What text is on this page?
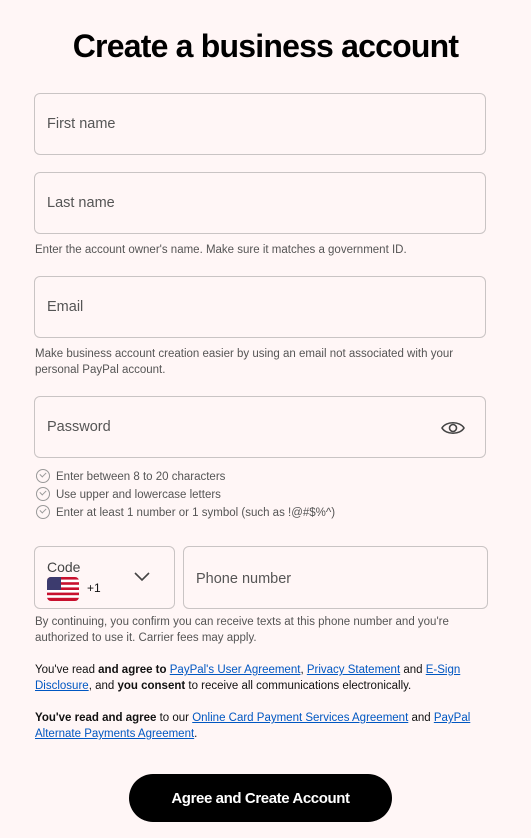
Create a business account
First name
Last name
Enter the account owner's name. Make sure it matches a government ID.
Email
Make business account creation easier by using an email not associated with your personal PayPal account.
Password
Enter between 8 to 20 characters
Use upper and lowercase letters
Enter at least 1 number or 1 symbol (such as !@#$%^)
Code
+1
Phone number
By continuing, you confirm you can receive texts at this phone number and you're authorized to use it. Carrier fees may apply.
You've read and agree to PayPal's User Agreement, Privacy Statement and E-Sign Disclosure, and you consent to receive all communications electronically.
You've read and agree to our Online Card Payment Services Agreement and PayPal Alternate Payments Agreement.
Agree and Create Account
